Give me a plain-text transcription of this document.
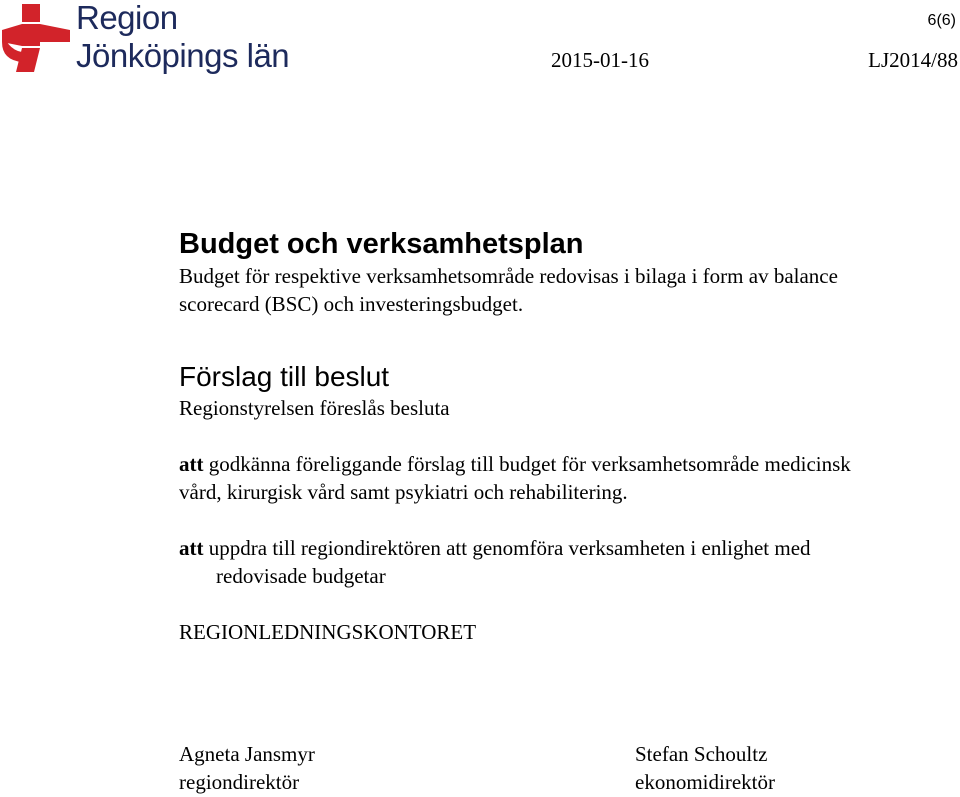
Region
Jönköpings län
6(6)
2015-01-16	LJ2014/88
Budget och verksamhetsplan

Budget för respektive verksamhetsområde redovisas i bilaga i form av balance
scorecard (BSC) och investeringsbudget.

Förslag till beslut

Regionstyrelsen föreslås besluta

att godkänna föreliggande förslag till budget för verksamhetsområde medicinsk
vård, kirurgisk vård samt psykiatri och rehabilitering.

att uppdra till regiondirektören att genomföra verksamheten i enlighet med
redovisade budgetar

REGIONLEDNINGSKONTORET

Agneta Jansmyr
regiondirektör
Stefan Schoultz
ekonomidirektör
